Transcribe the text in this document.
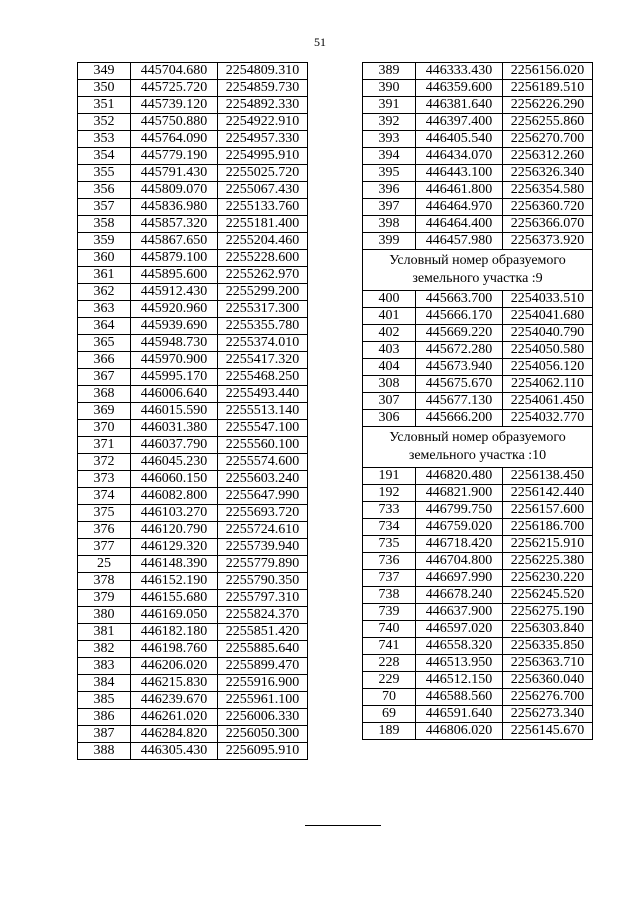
51
349	445704.680	2254809.310
350	445725.720	2254859.730
351	445739.120	2254892.330
352	445750.880	2254922.910
353	445764.090	2254957.330
354	445779.190	2254995.910
355	445791.430	2255025.720
356	445809.070	2255067.430
357	445836.980	2255133.760
358	445857.320	2255181.400
359	445867.650	2255204.460
360	445879.100	2255228.600
361	445895.600	2255262.970
362	445912.430	2255299.200
363	445920.960	2255317.300
364	445939.690	2255355.780
365	445948.730	2255374.010
366	445970.900	2255417.320
367	445995.170	2255468.250
368	446006.640	2255493.440
369	446015.590	2255513.140
370	446031.380	2255547.100
371	446037.790	2255560.100
372	446045.230	2255574.600
373	446060.150	2255603.240
374	446082.800	2255647.990
375	446103.270	2255693.720
376	446120.790	2255724.610
377	446129.320	2255739.940
25	446148.390	2255779.890
378	446152.190	2255790.350
379	446155.680	2255797.310
380	446169.050	2255824.370
381	446182.180	2255851.420
382	446198.760	2255885.640
383	446206.020	2255899.470
384	446215.830	2255916.900
385	446239.670	2255961.100
386	446261.020	2256006.330
387	446284.820	2256050.300
388	446305.430	2256095.910
389	446333.430	2256156.020
390	446359.600	2256189.510
391	446381.640	2256226.290
392	446397.400	2256255.860
393	446405.540	2256270.700
394	446434.070	2256312.260
395	446443.100	2256326.340
396	446461.800	2256354.580
397	446464.970	2256360.720
398	446464.400	2256366.070
399	446457.980	2256373.920
Условный номер образуемого земельного участка :9		
400	445663.700	2254033.510
401	445666.170	2254041.680
402	445669.220	2254040.790
403	445672.280	2254050.580
404	445673.940	2254056.120
308	445675.670	2254062.110
307	445677.130	2254061.450
306	445666.200	2254032.770
Условный номер образуемого земельного участка :10		
191	446820.480	2256138.450
192	446821.900	2256142.440
733	446799.750	2256157.600
734	446759.020	2256186.700
735	446718.420	2256215.910
736	446704.800	2256225.380
737	446697.990	2256230.220
738	446678.240	2256245.520
739	446637.900	2256275.190
740	446597.020	2256303.840
741	446558.320	2256335.850
228	446513.950	2256363.710
229	446512.150	2256360.040
70	446588.560	2256276.700
69	446591.640	2256273.340
189	446806.020	2256145.670
